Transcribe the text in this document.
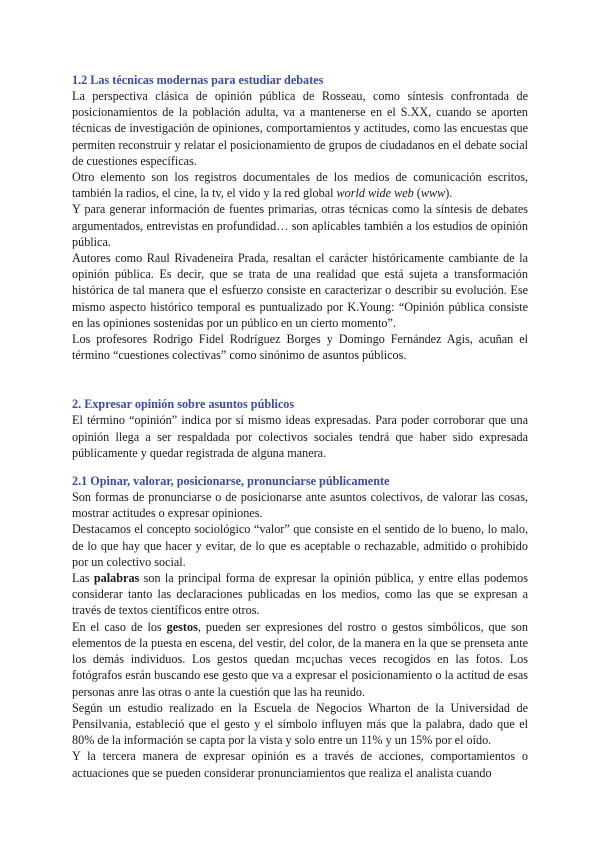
1.2 Las técnicas modernas para estudiar debates

La perspectiva clásica de opinión pública de Rosseau, como síntesis confrontada de posicionamientos de la población adulta, va a mantenerse en el S.XX, cuando se aporten técnicas de investigación de opiniones, comportamientos y actitudes, como las encuestas que permiten reconstruir y relatar el posicionamiento de grupos de ciudadanos en el debate social de cuestiones específicas.

Otro elemento son los registros documentales de los medios de comunicación escritos, también la radios, el cine, la tv, el vido y la red global world wide web (www).

Y para generar información de fuentes primarias, otras técnicas como la síntesis de debates argumentados, entrevistas en profundidad… son aplicables también a los estudios de opinión pública.

Autores como Raul Rivadeneira Prada, resaltan el carácter históricamente cambiante de la opinión pública. Es decir, que se trata de una realidad que está sujeta a transformación histórica de tal manera que el esfuerzo consiste en caracterizar o describir su evolución. Ese mismo aspecto histórico temporal es puntualizado por K.Young: “Opinión pública consiste en las opiniones sostenidas por un público en un cierto momento”.

Los profesores Rodrigo Fidel Rodríguez Borges y Domingo Fernández Agis, acuñan el término “cuestiones colectivas” como sinónimo de asuntos públicos.

2. Expresar opinión sobre asuntos públicos

El término “opinión” indica por sí mismo ideas expresadas. Para poder corroborar que una opinión llega a ser respaldada por colectivos sociales tendrá que haber sido expresada públicamente y quedar registrada de alguna manera.

2.1 Opinar, valorar, posicionarse, pronunciarse públicamente

Son formas de pronunciarse o de posicionarse ante asuntos colectivos, de valorar las cosas, mostrar actitudes o expresar opiniones.

Destacamos el concepto sociológico “valor” que consiste en el sentido de lo bueno, lo malo, de lo que hay que hacer y evitar, de lo que es aceptable o rechazable, admitido o prohibido por un colectivo social.

Las palabras son la principal forma de expresar la opinión pública, y entre ellas podemos considerar tanto las declaraciones publicadas en los medios, como las que se expresan a través de textos científicos entre otros.

En el caso de los gestos, pueden ser expresiones del rostro o gestos simbólicos, que son elementos de la puesta en escena, del vestir, del color, de la manera en la que se prenseta ante los demás individuos. Los gestos quedan mc¡uchas veces recogidos en las fotos. Los fotógrafos esrán buscando ese gesto que va a expresar el posicionamiento o la actitud de esas personas anre las otras o ante la cuestión que las ha reunido.

Según un estudio realizado en la Escuela de Negocios Wharton de la Universidad de Pensilvania, estableció que el gesto y el símbolo influyen más que la palabra, dado que el 80% de la información se capta por la vista y solo entre un 11% y un 15% por el oído.

Y la tercera manera de expresar opinión es a través de acciones, comportamientos o actuaciones que se pueden considerar pronunciamientos que realiza el analista cuando
